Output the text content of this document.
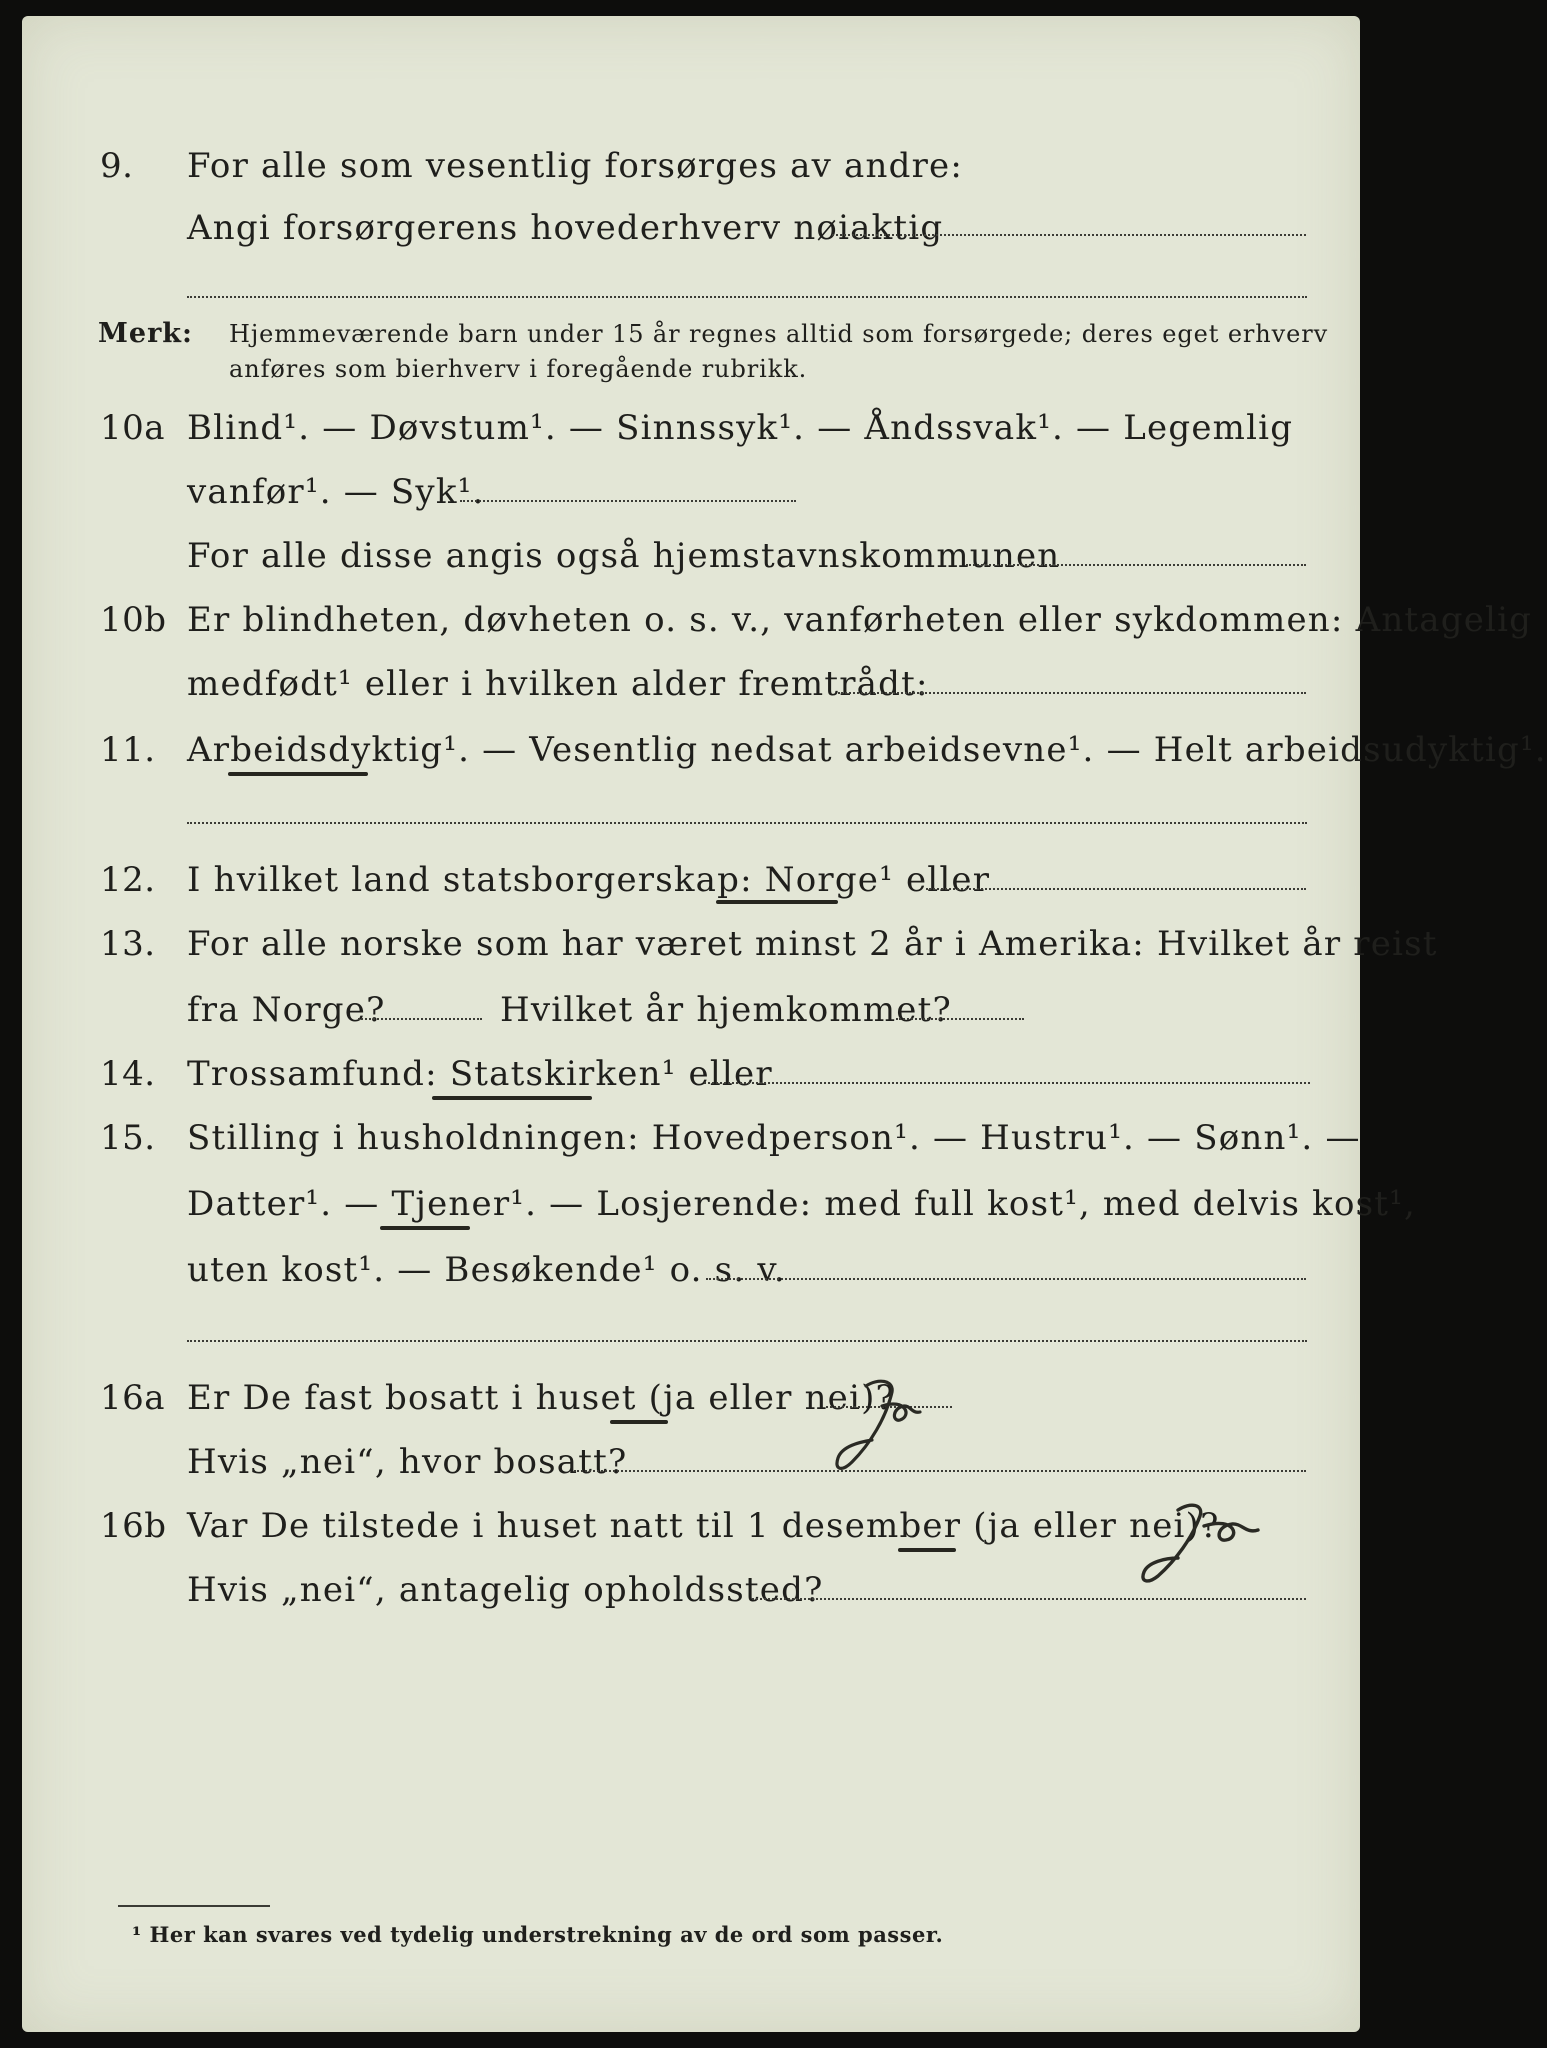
9. For alle som vesentlig forsørges av andre:
Angi forsørgerens hovederhverv nøiaktig
Merk: Hjemmeværende barn under 15 år regnes alltid som forsørgede; deres eget erhverv
anføres som bierhverv i foregående rubrikk.
10a Blind¹. — Døvstum¹. — Sinnssyk¹. — Åndssvak¹. — Legemlig
vanfør¹. — Syk¹.
For alle disse angis også hjemstavnskommunen
10b Er blindheten, døvheten o. s. v., vanførheten eller sykdommen: Antagelig
medfødt¹ eller i hvilken alder fremtrådt:
11. Arbeidsdyktig¹. — Vesentlig nedsat arbeidsevne¹. — Helt arbeidsudyktig¹.
12. I hvilket land statsborgerskap: Norge¹ eller
13. For alle norske som har været minst 2 år i Amerika: Hvilket år reist
fra Norge?	Hvilket år hjemkommet?
14. Trossamfund: Statskirken¹ eller
15. Stilling i husholdningen: Hovedperson¹. — Hustru¹. — Sønn¹. —
Datter¹. — Tjener¹. — Losjerende: med full kost¹, med delvis kost¹,
uten kost¹. — Besøkende¹ o. s. v.
16a Er De fast bosatt i huset (ja eller nei)?
Hvis „nei“, hvor bosatt?
16b Var De tilstede i huset natt til 1 desember (ja eller nei)?
Hvis „nei“, antagelig opholdssted?
¹ Her kan svares ved tydelig understrekning av de ord som passer.
